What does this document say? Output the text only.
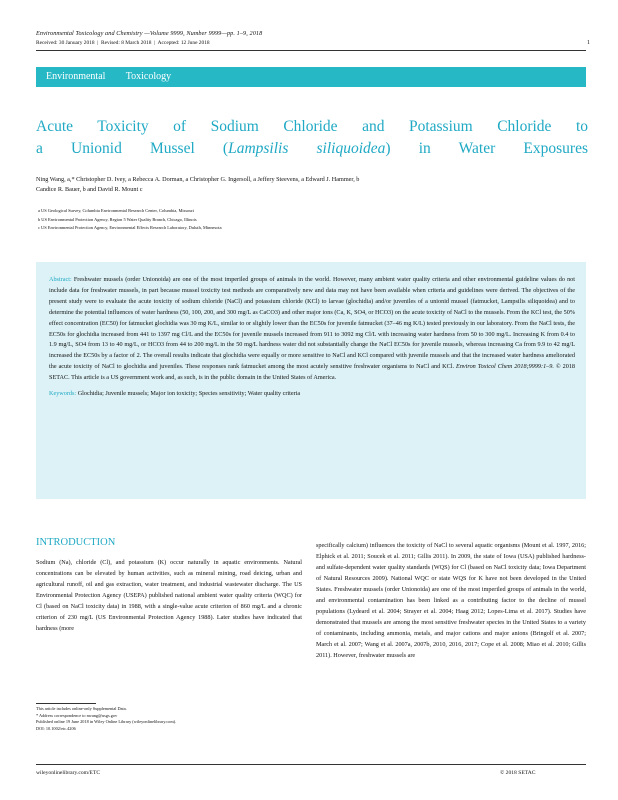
Environmental Toxicology and Chemistry —Volume 9999, Number 9999—pp. 1–9, 2018
Received: 30 January 2018  |  Revised: 8 March 2018  |  Accepted: 12 June 2018	1
Environmental Toxicology
Acute Toxicity of Sodium Chloride and Potassium Chloride to
a Unionid Mussel (Lampsilis siliquoidea) in Water Exposures
Ning Wang, a,* Christopher D. Ivey, a Rebecca A. Dorman, a Christopher G. Ingersoll, a Jeffery Steevens, a Edward J. Hammer, b
Candice R. Bauer, b and David R. Mount c
a US Geological Survey, Columbia Environmental Research Center, Columbia, Missouri
b US Environmental Protection Agency, Region 5 Water Quality Branch, Chicago, Illinois
c US Environmental Protection Agency, Environmental Effects Research Laboratory, Duluth, Minnesota
Abstract: Freshwater mussels (order Unionoida) are one of the most imperiled groups of animals in the world. However, many ambient water quality criteria and other environmental guideline values do not include data for freshwater mussels, in part because mussel toxicity test methods are comparatively new and data may not have been available when criteria and guidelines were derived. The objectives of the present study were to evaluate the acute toxicity of sodium chloride (NaCl) and potassium chloride (KCl) to larvae (glochidia) and/or juveniles of a unionid mussel (fatmucket, Lampsilis siliquoidea) and to determine the potential influences of water hardness (50, 100, 200, and 300 mg/L as CaCO3) and other major ions (Ca, K, SO4, or HCO3) on the acute toxicity of NaCl to the mussels. From the KCl test, the 50% effect concentration (EC50) for fatmucket glochidia was 30 mg K/L, similar to or slightly lower than the EC50s for juvenile fatmucket (37–46 mg K/L) tested previously in our laboratory. From the NaCl tests, the EC50s for glochidia increased from 441 to 1397 mg Cl/L and the EC50s for juvenile mussels increased from 911 to 3092 mg Cl/L with increasing water hardness from 50 to 300 mg/L. Increasing K from 0.4 to 1.9 mg/L, SO4 from 13 to 40 mg/L, or HCO3 from 44 to 200 mg/L in the 50 mg/L hardness water did not substantially change the NaCl EC50s for juvenile mussels, whereas increasing Ca from 9.9 to 42 mg/L increased the EC50s by a factor of 2. The overall results indicate that glochidia were equally or more sensitive to NaCl and KCl compared with juvenile mussels and that the increased water hardness ameliorated the acute toxicity of NaCl to glochidia and juveniles. These responses rank fatmucket among the most acutely sensitive freshwater organisms to NaCl and KCl. Environ Toxicol Chem 2018;9999:1–9. © 2018 SETAC. This article is a US government work and, as such, is in the public domain in the United States of America.
Keywords: Glochidia; Juvenile mussels; Major ion toxicity; Species sensitivity; Water quality criteria
INTRODUCTION
Sodium (Na), chloride (Cl), and potassium (K) occur naturally in aquatic environments. Natural concentrations can be elevated by human activities, such as mineral mining, road deicing, urban and agricultural runoff, oil and gas extraction, water treatment, and industrial wastewater discharge. The US Environmental Protection Agency (USEPA) published national ambient water quality criteria (WQC) for Cl (based on NaCl toxicity data) in 1988, with a single-value acute criterion of 860 mg/L and a chronic criterion of 230 mg/L (US Environmental Protection Agency 1988). Later studies have indicated that hardness (more
specifically calcium) influences the toxicity of NaCl to several aquatic organisms (Mount et al. 1997, 2016; Elphick et al. 2011; Soucek et al. 2011; Gillis 2011). In 2009, the state of Iowa (USA) published hardness- and sulfate-dependent water quality standards (WQS) for Cl (based on NaCl toxicity data; Iowa Department of Natural Resources 2009). National WQC or state WQS for K have not been developed in the United States. Freshwater mussels (order Unionoida) are one of the most imperiled groups of animals in the world, and environmental contamination has been linked as a contributing factor to the decline of mussel populations (Lydeard et al. 2004; Strayer et al. 2004; Haag 2012; Lopes-Lima et al. 2017). Studies have demonstrated that mussels are among the most sensitive freshwater species in the United States to a variety of contaminants, including ammonia, metals, and major cations and major anions (Bringolf et al. 2007; March et al. 2007; Wang et al. 2007a, 2007b, 2010, 2016, 2017; Cope et al. 2008; Miao et al. 2010; Gillis 2011). However, freshwater mussels are
This article includes online-only Supplemental Data.
* Address correspondence to nwang@usgs.gov
Published online 19 June 2018 in Wiley Online Library (wileyonlinelibrary.com).
DOI: 10.1002/etc.4206
wileyonlinelibrary.com/ETC	© 2018 SETAC
